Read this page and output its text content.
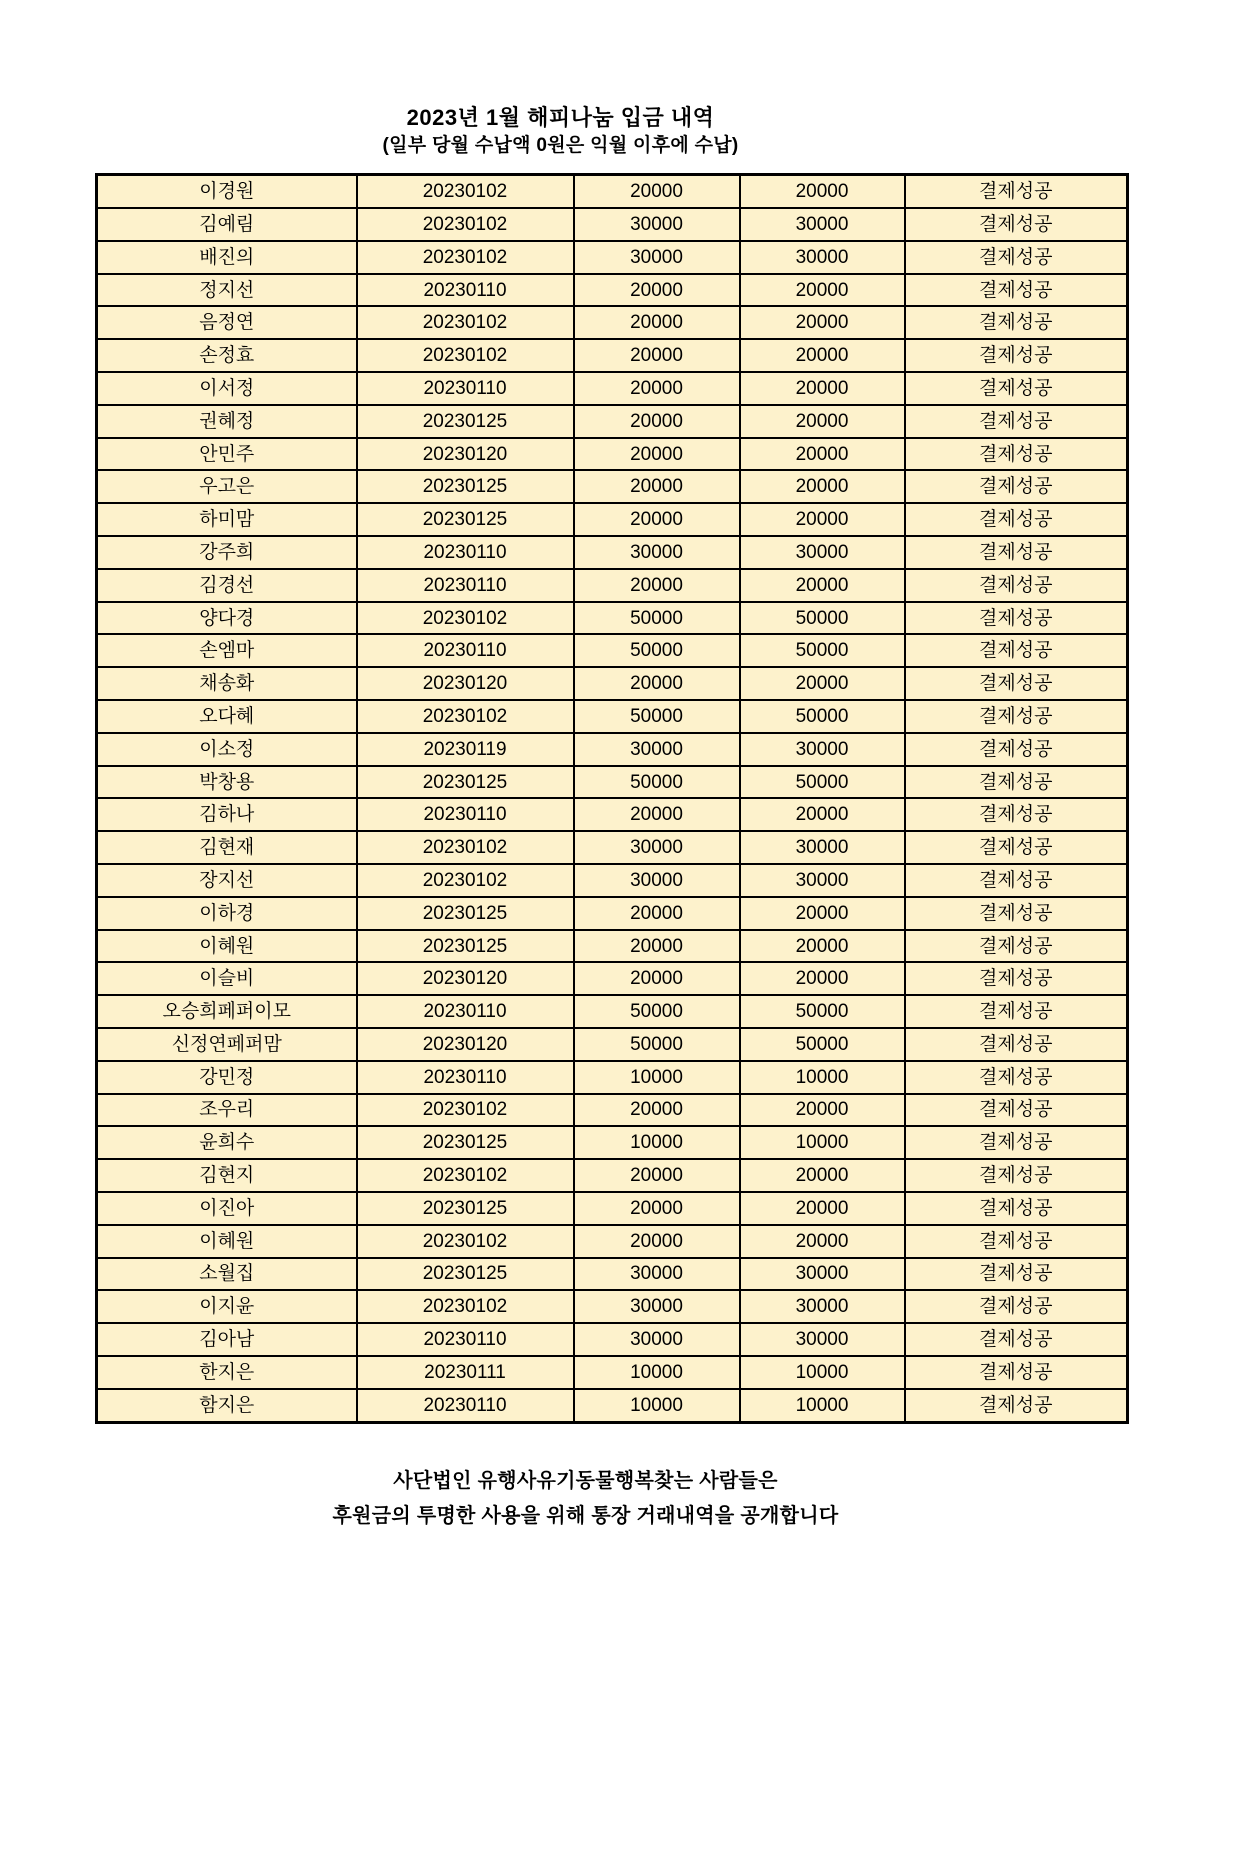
2023년 1월 해피나눔 입금 내역
(일부 당월 수납액 0원은 익월 이후에 수납)
이경원	20230102	20000	20000	결제성공
김예림	20230102	30000	30000	결제성공
배진의	20230102	30000	30000	결제성공
정지선	20230110	20000	20000	결제성공
음정연	20230102	20000	20000	결제성공
손정효	20230102	20000	20000	결제성공
이서정	20230110	20000	20000	결제성공
권혜정	20230125	20000	20000	결제성공
안민주	20230120	20000	20000	결제성공
우고은	20230125	20000	20000	결제성공
하미맘	20230125	20000	20000	결제성공
강주희	20230110	30000	30000	결제성공
김경선	20230110	20000	20000	결제성공
양다경	20230102	50000	50000	결제성공
손엠마	20230110	50000	50000	결제성공
채송화	20230120	20000	20000	결제성공
오다혜	20230102	50000	50000	결제성공
이소정	20230119	30000	30000	결제성공
박창용	20230125	50000	50000	결제성공
김하나	20230110	20000	20000	결제성공
김현재	20230102	30000	30000	결제성공
장지선	20230102	30000	30000	결제성공
이하경	20230125	20000	20000	결제성공
이혜원	20230125	20000	20000	결제성공
이슬비	20230120	20000	20000	결제성공
오승희페퍼이모	20230110	50000	50000	결제성공
신정연페퍼맘	20230120	50000	50000	결제성공
강민정	20230110	10000	10000	결제성공
조우리	20230102	20000	20000	결제성공
윤희수	20230125	10000	10000	결제성공
김현지	20230102	20000	20000	결제성공
이진아	20230125	20000	20000	결제성공
이혜원	20230102	20000	20000	결제성공
소월집	20230125	30000	30000	결제성공
이지윤	20230102	30000	30000	결제성공
김아남	20230110	30000	30000	결제성공
한지은	20230111	10000	10000	결제성공
함지은	20230110	10000	10000	결제성공
사단법인 유행사유기동물행복찾는 사람들은
후원금의 투명한 사용을 위해 통장 거래내역을 공개합니다
